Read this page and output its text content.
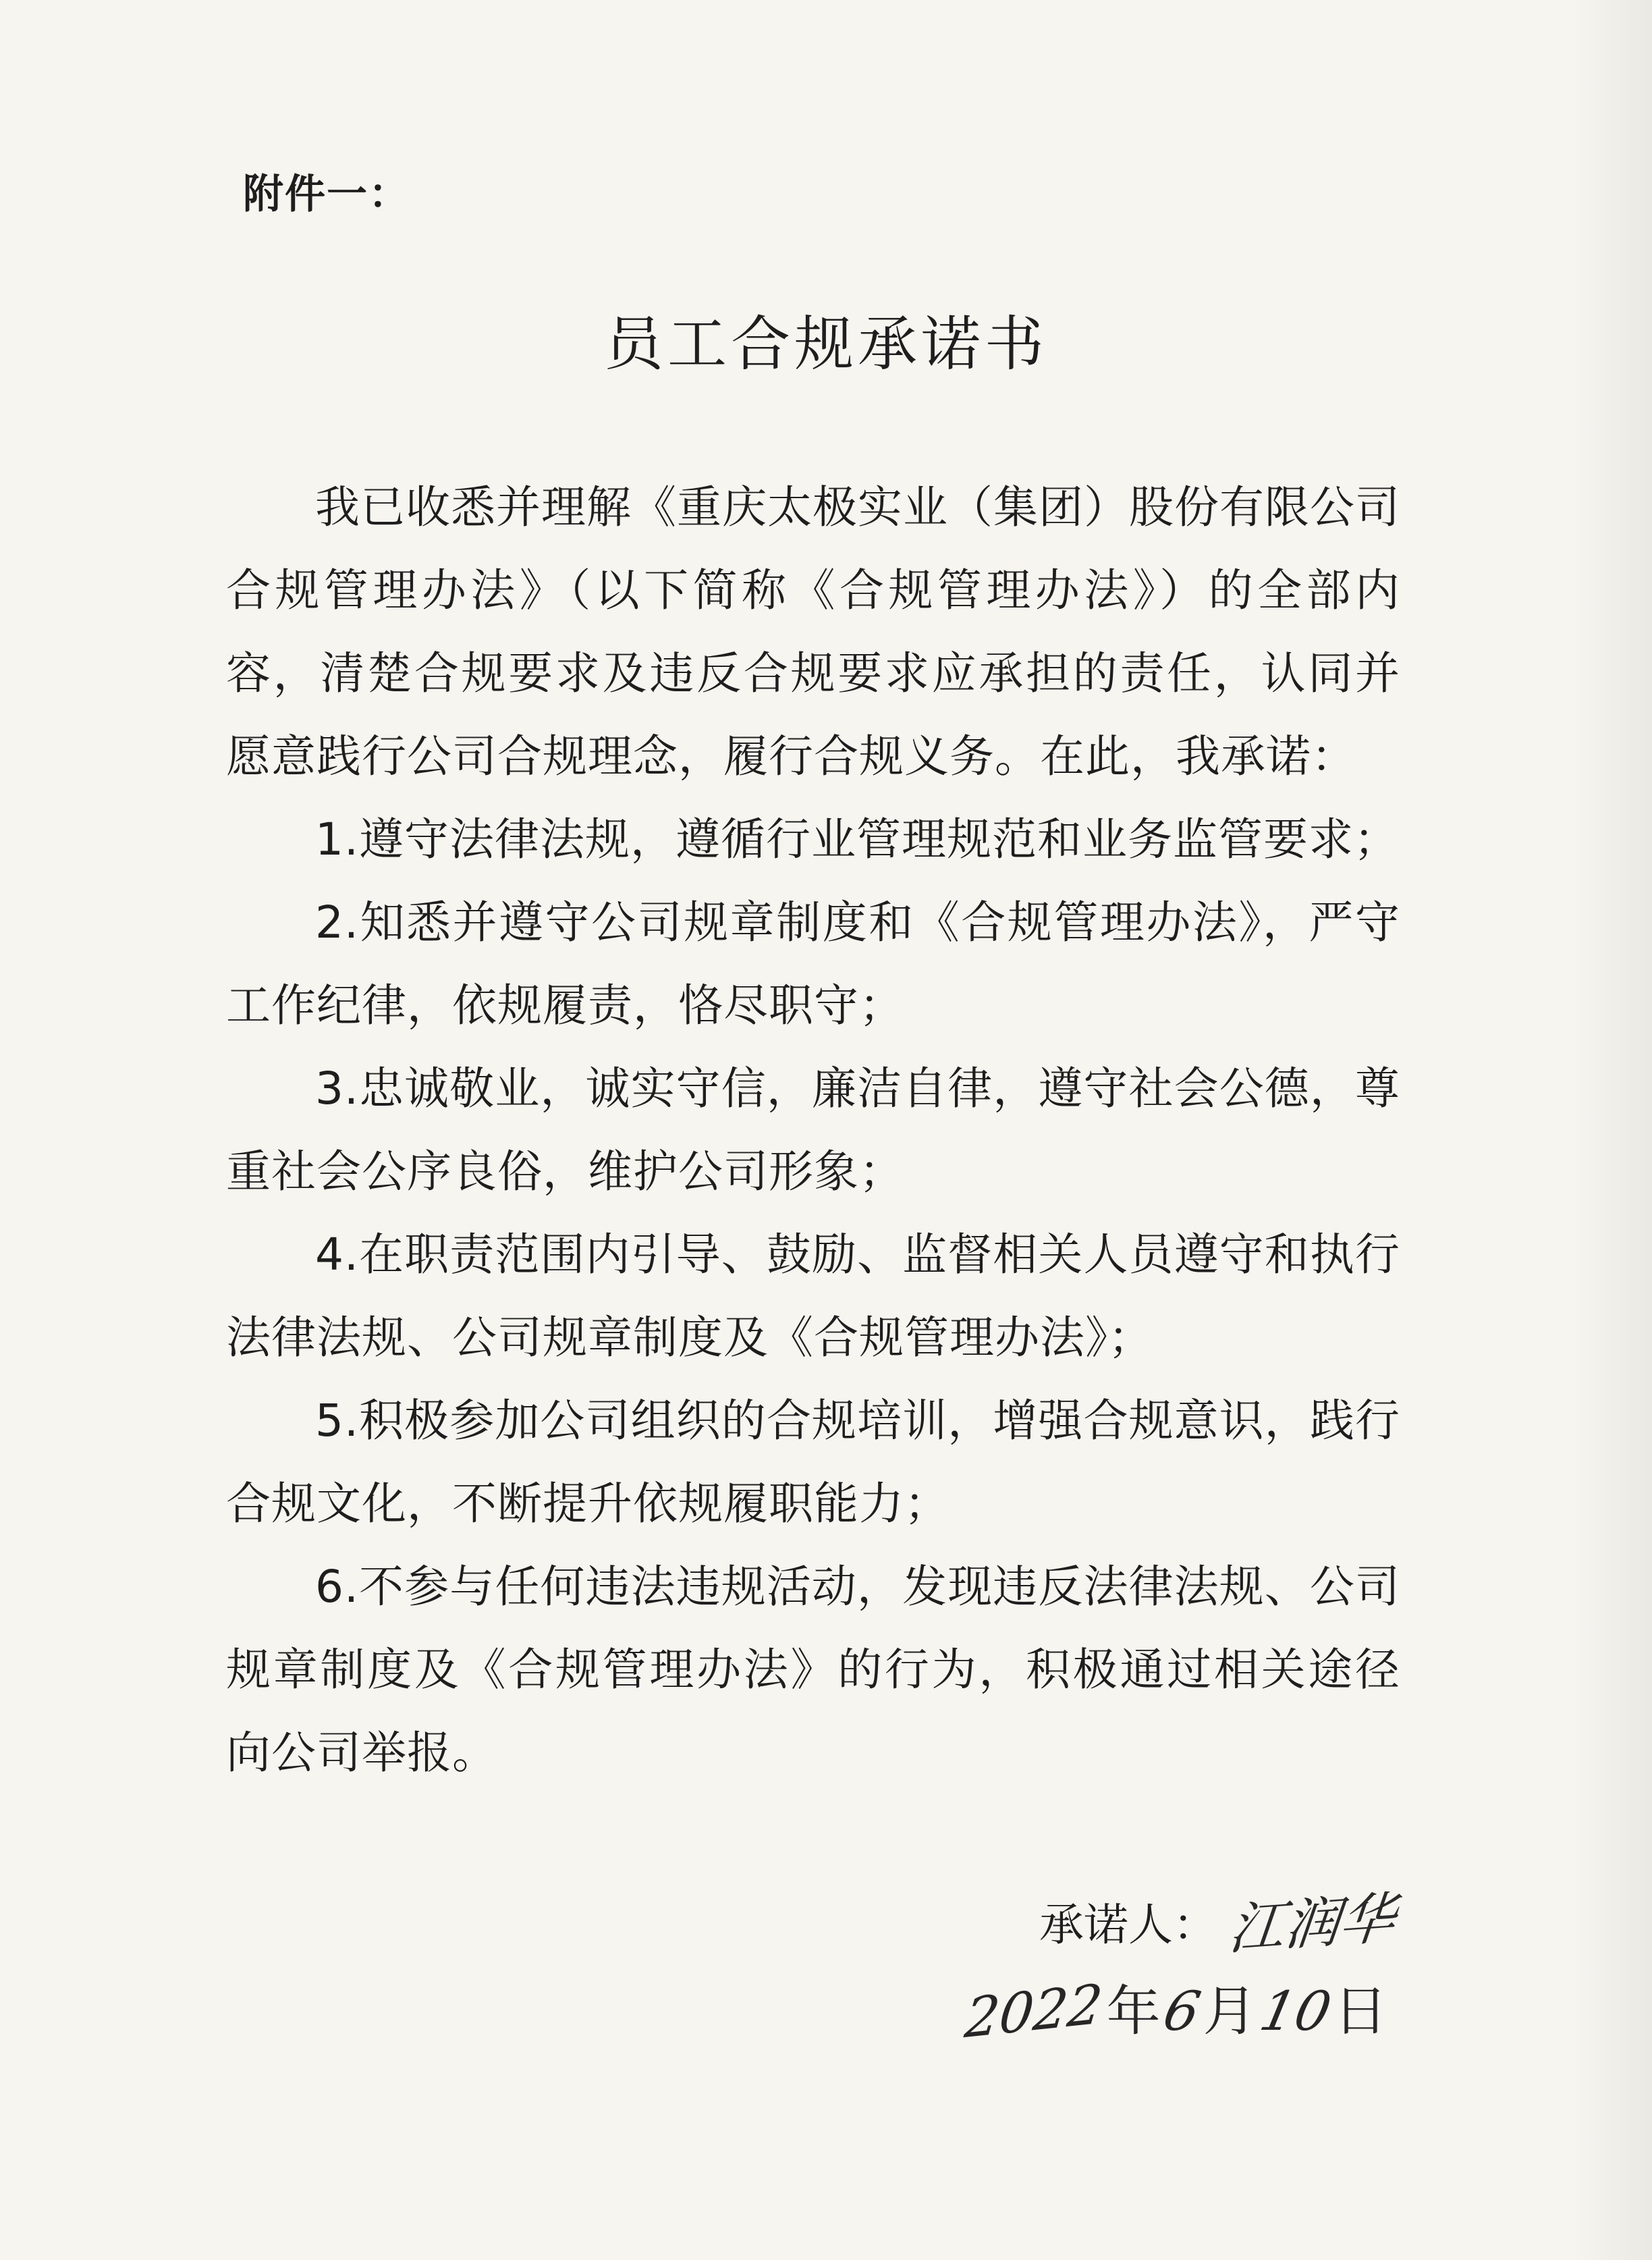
附件一：
员工合规承诺书

我已收悉并理解《重庆太极实业（集团）股份有限公司合规管理办法》（以下简称《合规管理办法》）的全部内容，清楚合规要求及违反合规要求应承担的责任，认同并愿意践行公司合规理念，履行合规义务。在此，我承诺：

1.遵守法律法规，遵循行业管理规范和业务监管要求；

2.知悉并遵守公司规章制度和《合规管理办法》，严守工作纪律，依规履责，恪尽职守；

3.忠诚敬业，诚实守信，廉洁自律，遵守社会公德，尊重社会公序良俗，维护公司形象；

4.在职责范围内引导、鼓励、监督相关人员遵守和执行法律法规、公司规章制度及《合规管理办法》；

5.积极参加公司组织的合规培训，增强合规意识，践行合规文化，不断提升依规履职能力；

6.不参与任何违法违规活动，发现违反法律法规、公司规章制度及《合规管理办法》的行为，积极通过相关途径向公司举报。

承诺人： 江润华
2022年6月10日
